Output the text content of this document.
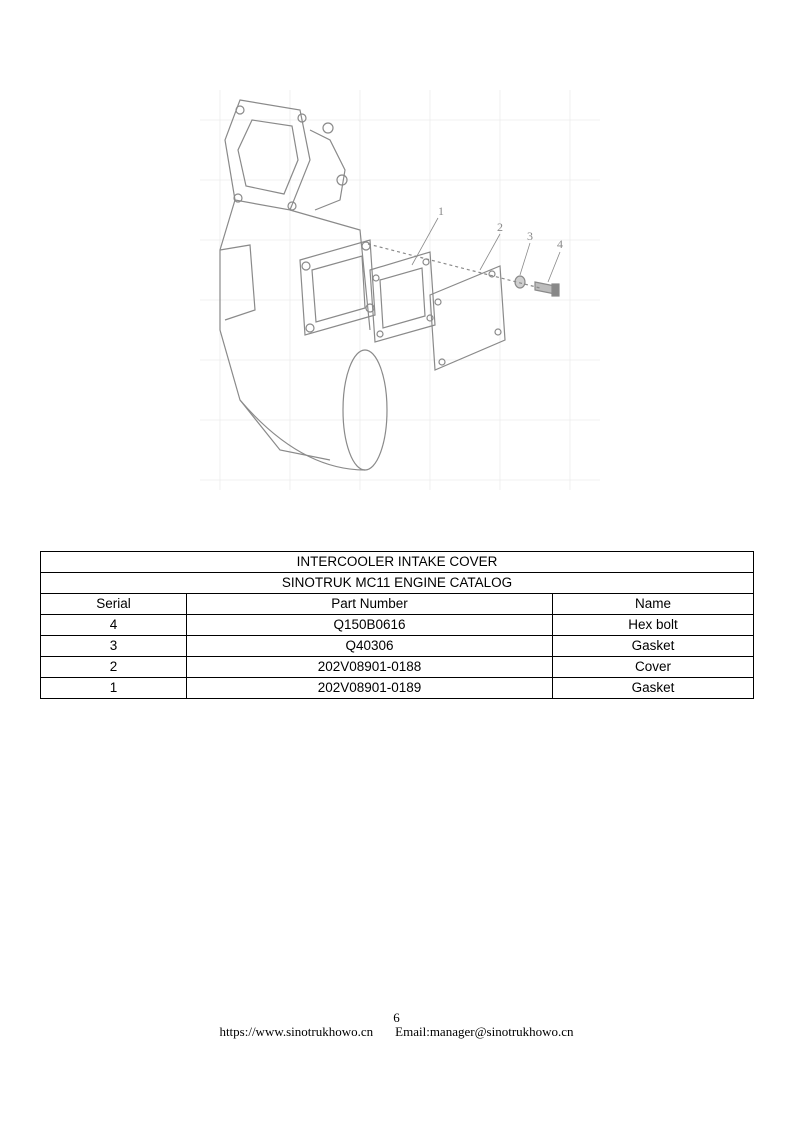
1
2
3
4
INTERCOOLER INTAKE COVER		
SINOTRUK MC11 ENGINE CATALOG		
Serial	Part Number	Name
4	Q150B0616	Hex bolt
3	Q40306	Gasket
2	202V08901-0188	Cover
1	202V08901-0189	Gasket
6
https://www.sinotrukhowo.cn Email:manager@sinotrukhowo.cn
